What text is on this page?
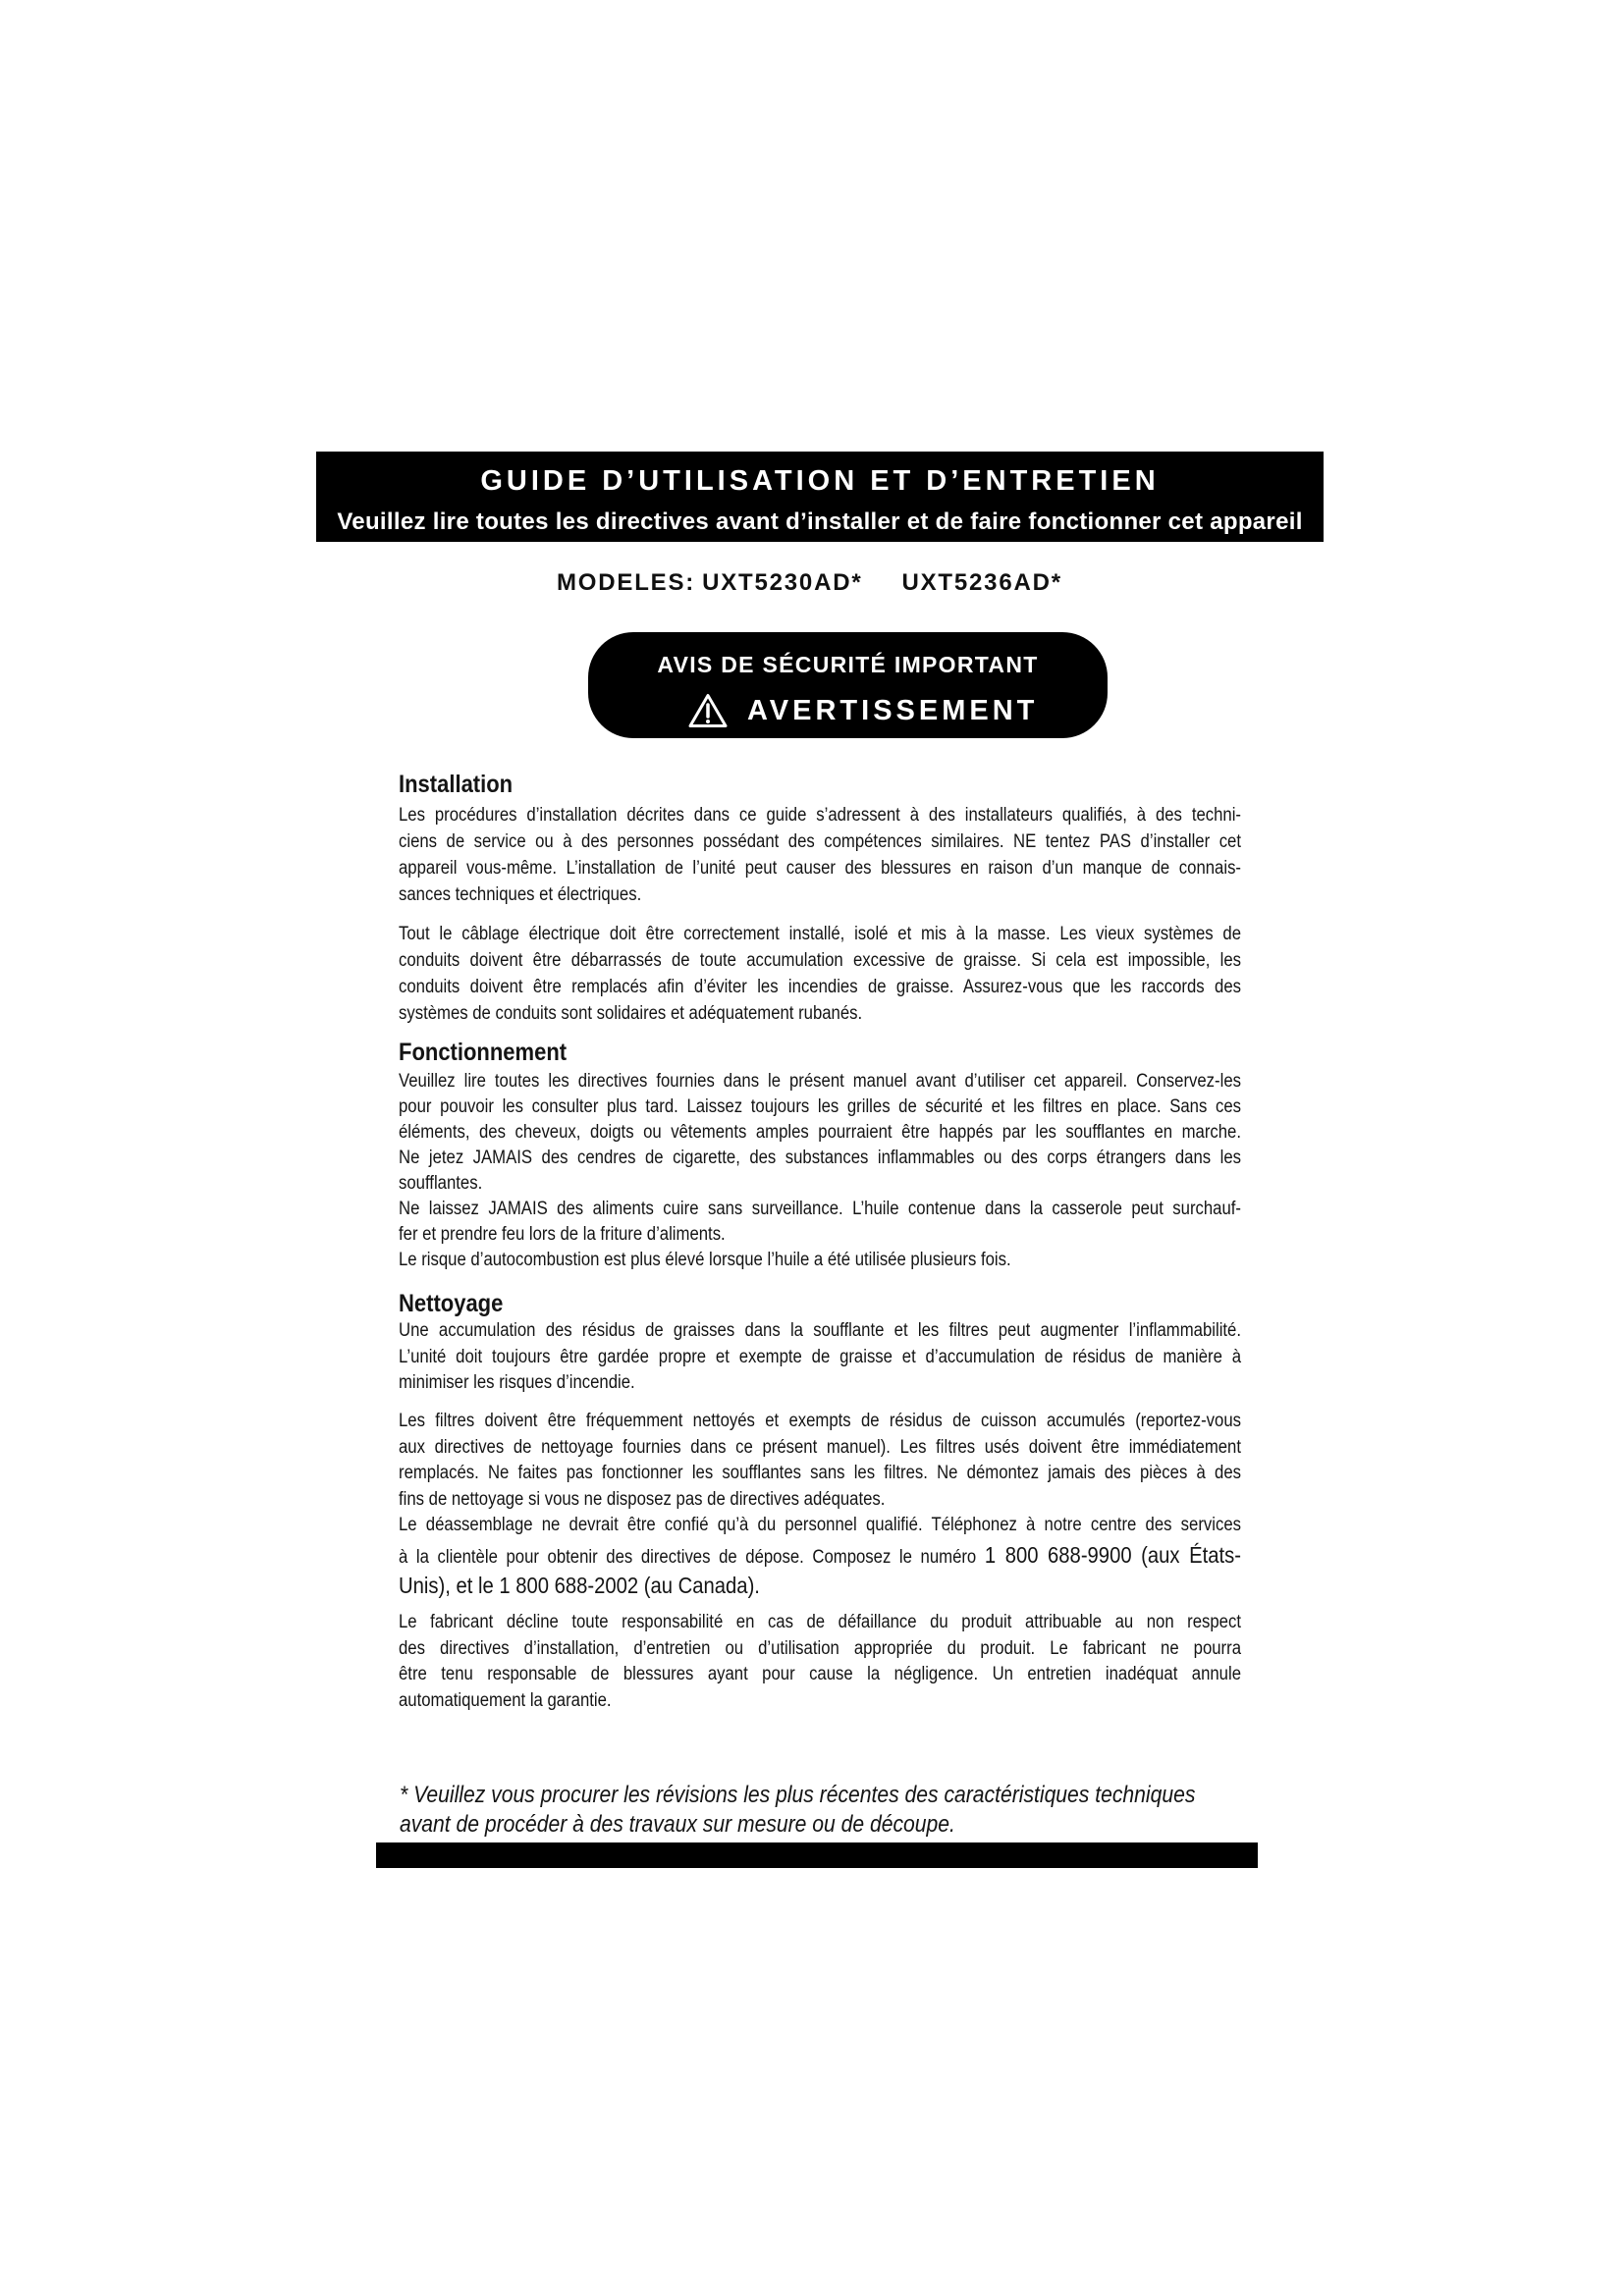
GUIDE D’UTILISATION ET D’ENTRETIEN
Veuillez lire toutes les directives avant d’installer et de faire fonctionner cet appareil
MODELES: UXT5230AD* UXT5236AD*
AVIS DE SÉCURITÉ IMPORTANT
AVERTISSEMENT
Installation
Les procédures d’installation décrites dans ce guide s’adressent à des installateurs qualifiés, à des techni-
ciens de service ou à des personnes possédant des compétences similaires. NE tentez PAS d’installer cet
appareil vous-même. L’installation de l’unité peut causer des blessures en raison d’un manque de connais-
sances techniques et électriques.
Tout le câblage électrique doit être correctement installé, isolé et mis à la masse. Les vieux systèmes de
conduits doivent être débarrassés de toute accumulation excessive de graisse. Si cela est impossible, les
conduits doivent être remplacés afin d’éviter les incendies de graisse. Assurez-vous que les raccords des
systèmes de conduits sont solidaires et adéquatement rubanés.
Fonctionnement
Veuillez lire toutes les directives fournies dans le présent manuel avant d’utiliser cet appareil. Conservez-les
pour pouvoir les consulter plus tard. Laissez toujours les grilles de sécurité et les filtres en place. Sans ces
éléments, des cheveux, doigts ou vêtements amples pourraient être happés par les soufflantes en marche.
Ne jetez JAMAIS des cendres de cigarette, des substances inflammables ou des corps étrangers dans les
soufflantes.
Ne laissez JAMAIS des aliments cuire sans surveillance. L’huile contenue dans la casserole peut surchauf-
fer et prendre feu lors de la friture d’aliments.
Le risque d’autocombustion est plus élevé lorsque l’huile a été utilisée plusieurs fois.
Nettoyage
Une accumulation des résidus de graisses dans la soufflante et les filtres peut augmenter l’inflammabilité.
L’unité doit toujours être gardée propre et exempte de graisse et d’accumulation de résidus de manière à
minimiser les risques d’incendie.
Les filtres doivent être fréquemment nettoyés et exempts de résidus de cuisson accumulés (reportez-vous
aux directives de nettoyage fournies dans ce présent manuel). Les filtres usés doivent être immédiatement
remplacés. Ne faites pas fonctionner les soufflantes sans les filtres. Ne démontez jamais des pièces à des
fins de nettoyage si vous ne disposez pas de directives adéquates.
Le déassemblage ne devrait être confié qu’à du personnel qualifié. Téléphonez à notre centre des services
à la clientèle pour obtenir des directives de dépose. Composez le numéro 1 800 688-9900 (aux États-
Unis), et le 1 800 688-2002 (au Canada).
Le fabricant décline toute responsabilité en cas de défaillance du produit attribuable au non respect
des directives d’installation, d’entretien ou d’utilisation appropriée du produit. Le fabricant ne pourra
être tenu responsable de blessures ayant pour cause la négligence. Un entretien inadéquat annule
automatiquement la garantie.
* Veuillez vous procurer les révisions les plus récentes des caractéristiques techniques
avant de procéder à des travaux sur mesure ou de découpe.
